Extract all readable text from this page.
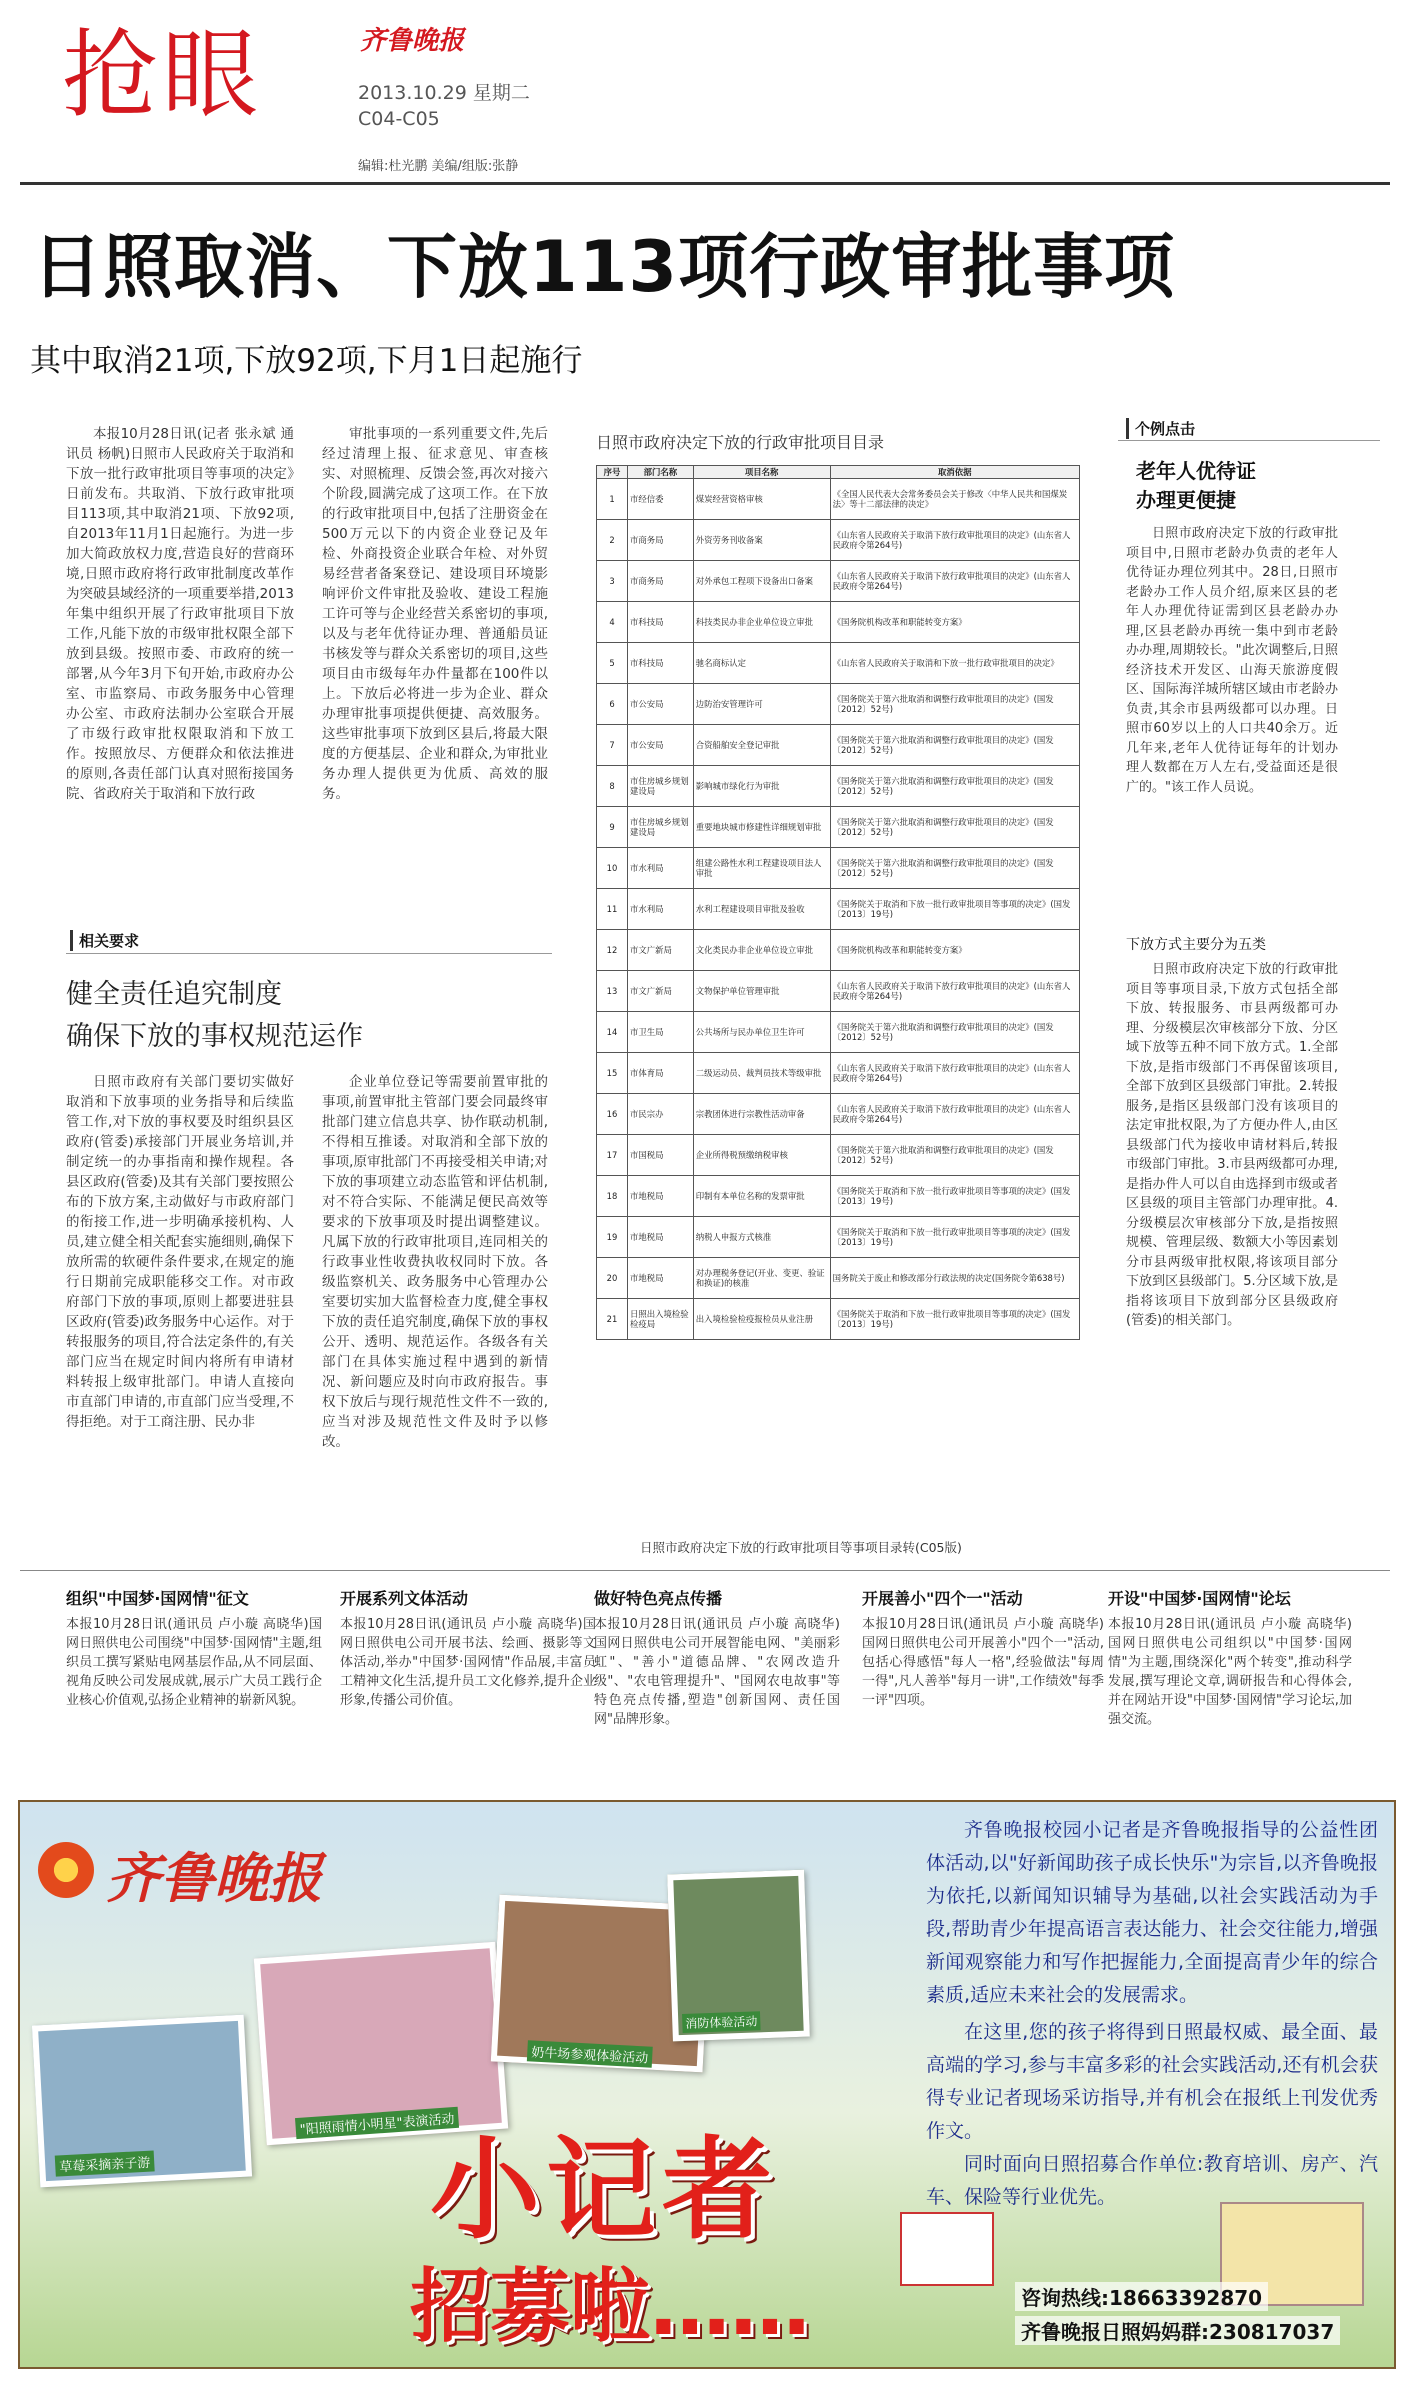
抢眼	齐鲁晚报
2013.10.29 星期二
C04-C05
编辑:杜光鹏 美编/组版:张静
日照取消、下放113项行政审批事项
其中取消21项,下放92项,下月1日起施行

本报10月28日讯(记者 张永斌 通讯员 杨帆)日照市人民政府关于取消和下放一批行政审批项目等事项的决定》日前发布。共取消、下放行政审批项目113项,其中取消21项、下放92项,自2013年11月1日起施行。为进一步加大简政放权力度,营造良好的营商环境,日照市政府将行政审批制度改革作为突破县域经济的一项重要举措,2013年集中组织开展了行政审批项目下放工作,凡能下放的市级审批权限全部下放到县级。按照市委、市政府的统一部署,从今年3月下旬开始,市政府办公室、市监察局、市政务服务中心管理办公室、市政府法制办公室联合开展了市级行政审批权限取消和下放工作。按照放尽、方便群众和依法推进的原则,各责任部门认真对照衔接国务院、省政府关于取消和下放行政

审批事项的一系列重要文件,先后经过清理上报、征求意见、审查核实、对照梳理、反馈会签,再次对接六个阶段,圆满完成了这项工作。在下放的行政审批项目中,包括了注册资金在500万元以下的内资企业登记及年检、外商投资企业联合年检、对外贸易经营者备案登记、建设项目环境影响评价文件审批及验收、建设工程施工许可等与企业经营关系密切的事项,以及与老年优待证办理、普通船员证书核发等与群众关系密切的项目,这些项目由市级每年办件量都在100件以上。下放后必将进一步为企业、群众办理审批事项提供便捷、高效服务。这些审批事项下放到区县后,将最大限度的方便基层、企业和群众,为审批业务办理人提供更为优质、高效的服务。

相关要求
健全责任追究制度
确保下放的事权规范运作

日照市政府有关部门要切实做好取消和下放事项的业务指导和后续监管工作,对下放的事权要及时组织县区政府(管委)承接部门开展业务培训,并制定统一的办事指南和操作规程。各县区政府(管委)及其有关部门要按照公布的下放方案,主动做好与市政府部门的衔接工作,进一步明确承接机构、人员,建立健全相关配套实施细则,确保下放所需的软硬件条件要求,在规定的施行日期前完成职能移交工作。对市政府部门下放的事项,原则上都要进驻县区政府(管委)政务服务中心运作。对于转报服务的项目,符合法定条件的,有关部门应当在规定时间内将所有申请材料转报上级审批部门。申请人直接向市直部门申请的,市直部门应当受理,不得拒绝。对于工商注册、民办非

企业单位登记等需要前置审批的事项,前置审批主管部门要会同最终审批部门建立信息共享、协作联动机制,不得相互推诿。对取消和全部下放的事项,原审批部门不再接受相关申请;对下放的事项建立动态监管和评估机制,对不符合实际、不能满足便民高效等要求的下放事项及时提出调整建议。凡属下放的行政审批项目,连同相关的行政事业性收费执收权同时下放。各级监察机关、政务服务中心管理办公室要切实加大监督检查力度,健全事权下放的责任追究制度,确保下放的事权公开、透明、规范运作。各级各有关部门在具体实施过程中遇到的新情况、新问题应及时向市政府报告。事权下放后与现行规范性文件不一致的,应当对涉及规范性文件及时予以修改。

日照市政府决定下放的行政审批项目目录
序号	部门名称	项目名称	取消依据
1	市经信委	煤炭经营资格审核	《全国人民代表大会常务委员会关于修改〈中华人民共和国煤炭法〉等十二部法律的决定》
2	市商务局	外资劳务刊收备案	《山东省人民政府关于取消下放行政审批项目的决定》(山东省人民政府令第264号)
3	市商务局	对外承包工程项下设备出口备案	《山东省人民政府关于取消下放行政审批项目的决定》(山东省人民政府令第264号)
4	市科技局	科技类民办非企业单位设立审批	《国务院机构改革和职能转变方案》
5	市科技局	驰名商标认定	《山东省人民政府关于取消和下放一批行政审批项目的决定》
6	市公安局	边防治安管理许可	《国务院关于第六批取消和调整行政审批项目的决定》(国发〔2012〕52号)
7	市公安局	合资船舶安全登记审批	《国务院关于第六批取消和调整行政审批项目的决定》(国发〔2012〕52号)
8	市住房城乡规划建设局	影响城市绿化行为审批	《国务院关于第六批取消和调整行政审批项目的决定》(国发〔2012〕52号)
9	市住房城乡规划建设局	重要地块城市修建性详细规划审批	《国务院关于第六批取消和调整行政审批项目的决定》(国发〔2012〕52号)
10	市水利局	组建公路性水利工程建设项目法人审批	《国务院关于第六批取消和调整行政审批项目的决定》(国发〔2012〕52号)
11	市水利局	水利工程建设项目审批及验收	《国务院关于取消和下放一批行政审批项目等事项的决定》(国发〔2013〕19号)
12	市文广新局	文化类民办非企业单位设立审批	《国务院机构改革和职能转变方案》
13	市文广新局	文物保护单位管理审批	《山东省人民政府关于取消下放行政审批项目的决定》(山东省人民政府令第264号)
14	市卫生局	公共场所与民办单位卫生许可	《国务院关于第六批取消和调整行政审批项目的决定》(国发〔2012〕52号)
15	市体育局	二级运动员、裁判员技术等级审批	《山东省人民政府关于取消下放行政审批项目的决定》(山东省人民政府令第264号)
16	市民宗办	宗教团体进行宗教性活动审备	《山东省人民政府关于取消下放行政审批项目的决定》(山东省人民政府令第264号)
17	市国税局	企业所得税预缴纳税审核	《国务院关于第六批取消和调整行政审批项目的决定》(国发〔2012〕52号)
18	市地税局	印制有本单位名称的发票审批	《国务院关于取消和下放一批行政审批项目等事项的决定》(国发〔2013〕19号)
19	市地税局	纳税人申报方式核准	《国务院关于取消和下放一批行政审批项目等事项的决定》(国发〔2013〕19号)
20	市地税局	对办理税务登记(开业、变更、验证和换证)的核准	国务院关于废止和修改部分行政法规的决定(国务院令第638号)
21	日照出入境检验检疫局	出入境检验检疫报检员从业注册	《国务院关于取消和下放一批行政审批项目等事项的决定》(国发〔2013〕19号)
日照市政府决定下放的行政审批项目等事项目录转(C05版)
个例点击
老年人优待证
办理更便捷

日照市政府决定下放的行政审批项目中,日照市老龄办负责的老年人优待证办理位列其中。28日,日照市老龄办工作人员介绍,原来区县的老年人办理优待证需到区县老龄办办理,区县老龄办再统一集中到市老龄办办理,周期较长。"此次调整后,日照经济技术开发区、山海天旅游度假区、国际海洋城所辖区域由市老龄办负责,其余市县两级都可以办理。日照市60岁以上的人口共40余万。近几年来,老年人优待证每年的计划办理人数都在万人左右,受益面还是很广的。"该工作人员说。

下放方式主要分为五类

日照市政府决定下放的行政审批项目等事项目录,下放方式包括全部下放、转报服务、市县两级都可办理、分级模层次审核部分下放、分区域下放等五种不同下放方式。1.全部下放,是指市级部门不再保留该项目,全部下放到区县级部门审批。2.转报服务,是指区县级部门没有该项目的法定审批权限,为了方便办件人,由区县级部门代为接收申请材料后,转报市级部门审批。3.市县两级都可办理,是指办件人可以自由选择到市级或者区县级的项目主管部门办理审批。4.分级模层次审核部分下放,是指按照规模、管理层级、数额大小等因素划分市县两级审批权限,将该项目部分下放到区县级部门。5.分区域下放,是指将该项目下放到部分区县级政府(管委)的相关部门。

组织"中国梦·国网情"征文
本报10月28日讯(通讯员 卢小璇 高晓华)国网日照供电公司围绕"中国梦·国网情"主题,组织员工撰写紧贴电网基层作品,从不同层面、视角反映公司发展成就,展示广大员工践行企业核心价值观,弘扬企业精神的崭新风貌。
开展系列文体活动
本报10月28日讯(通讯员 卢小璇 高晓华)国网日照供电公司开展书法、绘画、摄影等文体活动,举办"中国梦·国网情"作品展,丰富员工精神文化生活,提升员工文化修养,提升企业形象,传播公司价值。
做好特色亮点传播
本报10月28日讯(通讯员 卢小璇 高晓华)国网日照供电公司开展智能电网、"美丽彩虹"、"善小"道德品牌、"农网改造升级"、"农电管理提升"、"国网农电故事"等特色亮点传播,塑造"创新国网、责任国网"品牌形象。
开展善小"四个一"活动
本报10月28日讯(通讯员 卢小璇 高晓华)国网日照供电公司开展善小"四个一"活动,包括心得感悟"每人一格",经验做法"每周一得",凡人善举"每月一讲",工作绩效"每季一评"四项。
开设"中国梦·国网情"论坛
本报10月28日讯(通讯员 卢小璇 高晓华)国网日照供电公司组织以"中国梦·国网情"为主题,围绕深化"两个转变",推动科学发展,撰写理论文章,调研报告和心得体会,并在网站开设"中国梦·国网情"学习论坛,加强交流。
齐鲁晚报
草莓采摘亲子游
"阳照雨情小明星"表演活动
奶牛场参观体验活动
消防体验活动
小记者
招募啦……
齐鲁晚报校园小记者是齐鲁晚报指导的公益性团体活动,以"好新闻助孩子成长快乐"为宗旨,以齐鲁晚报为依托,以新闻知识辅导为基础,以社会实践活动为手段,帮助青少年提高语言表达能力、社会交往能力,增强新闻观察能力和写作把握能力,全面提高青少年的综合素质,适应未来社会的发展需求。
在这里,您的孩子将得到日照最权威、最全面、最高端的学习,参与丰富多彩的社会实践活动,还有机会获得专业记者现场采访指导,并有机会在报纸上刊发优秀作文。
同时面向日照招募合作单位:教育培训、房产、汽车、保险等行业优先。
咨询热线:18663392870
齐鲁晚报日照妈妈群:230817037
